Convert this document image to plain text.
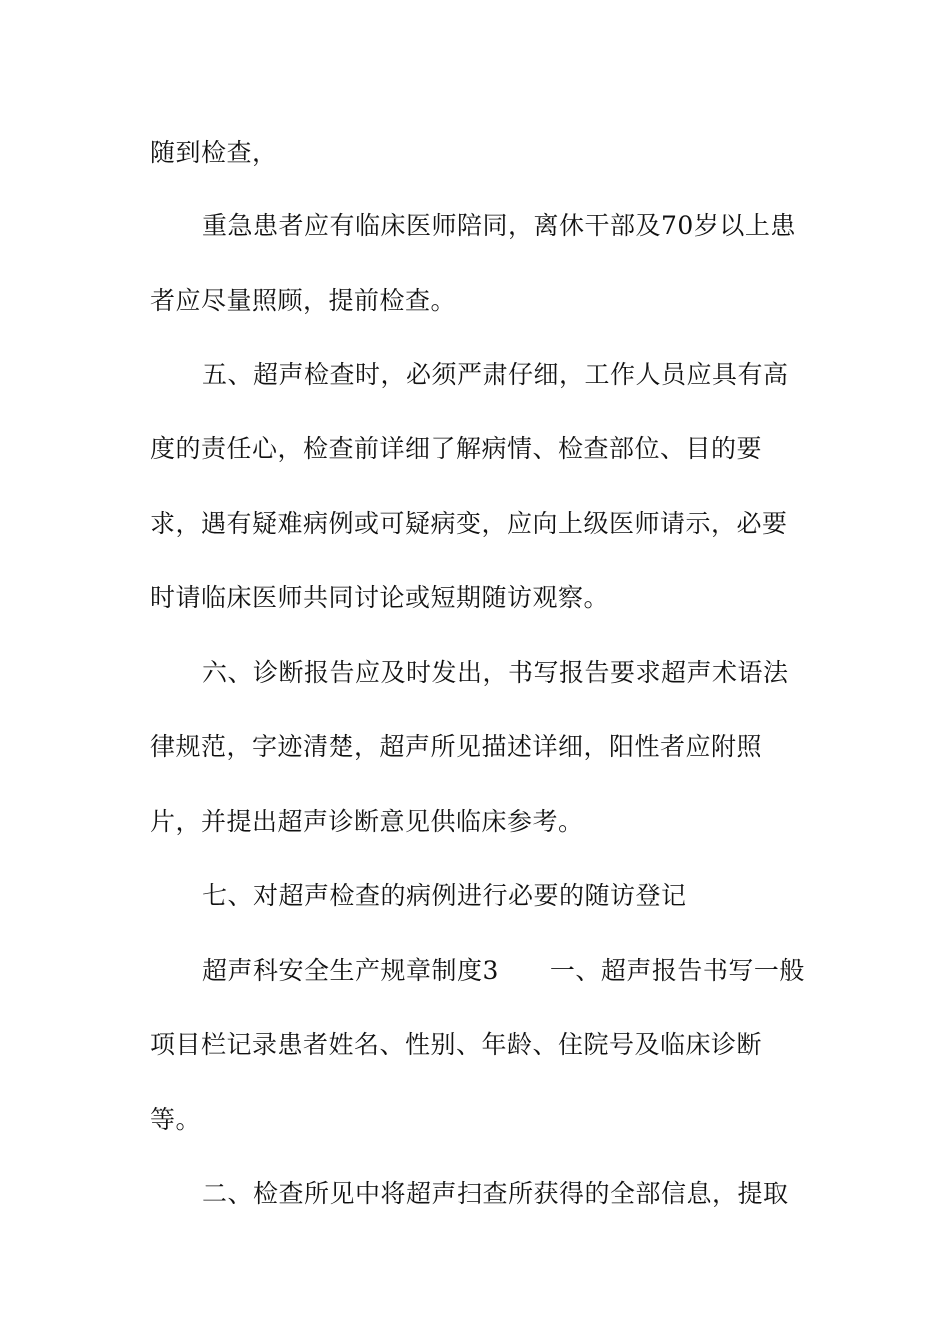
随到检查，
重急患者应有临床医师陪同，离休干部及70岁以上患
者应尽量照顾，提前检查。
五、超声检查时，必须严肃仔细，工作人员应具有高
度的责任心，检查前详细了解病情、检查部位、目的要
求，遇有疑难病例或可疑病变，应向上级医师请示，必要
时请临床医师共同讨论或短期随访观察。
六、诊断报告应及时发出，书写报告要求超声术语法
律规范，字迹清楚，超声所见描述详细，阳性者应附照
片，并提出超声诊断意见供临床参考。
七、对超声检查的病例进行必要的随访登记
超声科安全生产规章制度3　　一、超声报告书写一般
项目栏记录患者姓名、性别、年龄、住院号及临床诊断
等。
二、检查所见中将超声扫查所获得的全部信息，提取
